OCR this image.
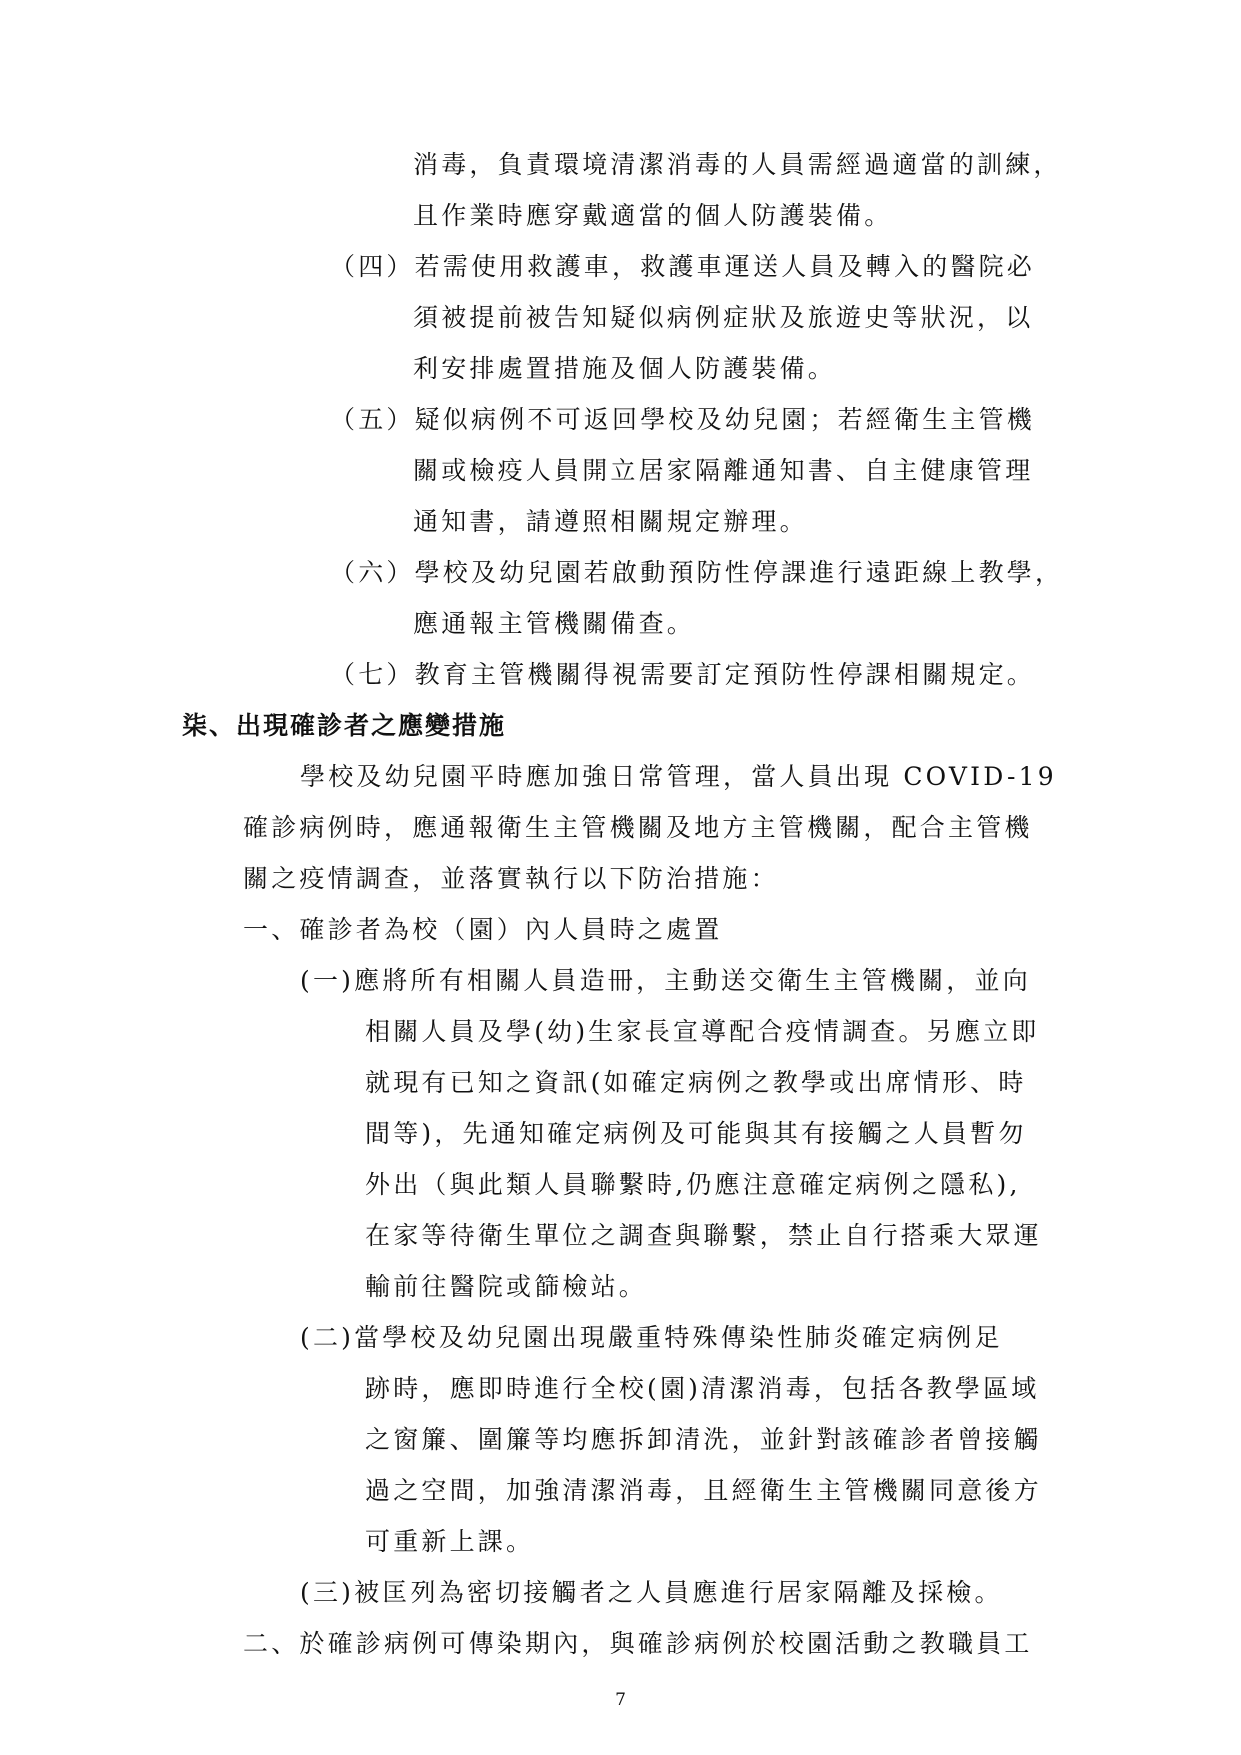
消毒，負責環境清潔消毒的人員需經過適當的訓練，
且作業時應穿戴適當的個人防護裝備。
（四）若需使用救護車，救護車運送人員及轉入的醫院必
須被提前被告知疑似病例症狀及旅遊史等狀況，以
利安排處置措施及個人防護裝備。
（五）疑似病例不可返回學校及幼兒園；若經衛生主管機
關或檢疫人員開立居家隔離通知書、自主健康管理
通知書，請遵照相關規定辦理。
（六）學校及幼兒園若啟動預防性停課進行遠距線上教學，
應通報主管機關備查。
（七）教育主管機關得視需要訂定預防性停課相關規定。
柒、出現確診者之應變措施
學校及幼兒園平時應加強日常管理，當人員出現 COVID-19
確診病例時，應通報衛生主管機關及地方主管機關，配合主管機
關之疫情調查，並落實執行以下防治措施：
一、確診者為校（園）內人員時之處置
(一)應將所有相關人員造冊，主動送交衛生主管機關，並向
相關人員及學(幼)生家長宣導配合疫情調查。另應立即
就現有已知之資訊(如確定病例之教學或出席情形、時
間等)，先通知確定病例及可能與其有接觸之人員暫勿
外出（與此類人員聯繫時,仍應注意確定病例之隱私),
在家等待衛生單位之調查與聯繫，禁止自行搭乘大眾運
輸前往醫院或篩檢站。
(二)當學校及幼兒園出現嚴重特殊傳染性肺炎確定病例足
跡時，應即時進行全校(園)清潔消毒，包括各教學區域
之窗簾、圍簾等均應拆卸清洗，並針對該確診者曾接觸
過之空間，加強清潔消毒，且經衛生主管機關同意後方
可重新上課。
(三)被匡列為密切接觸者之人員應進行居家隔離及採檢。
二、於確診病例可傳染期內，與確診病例於校園活動之教職員工
7
